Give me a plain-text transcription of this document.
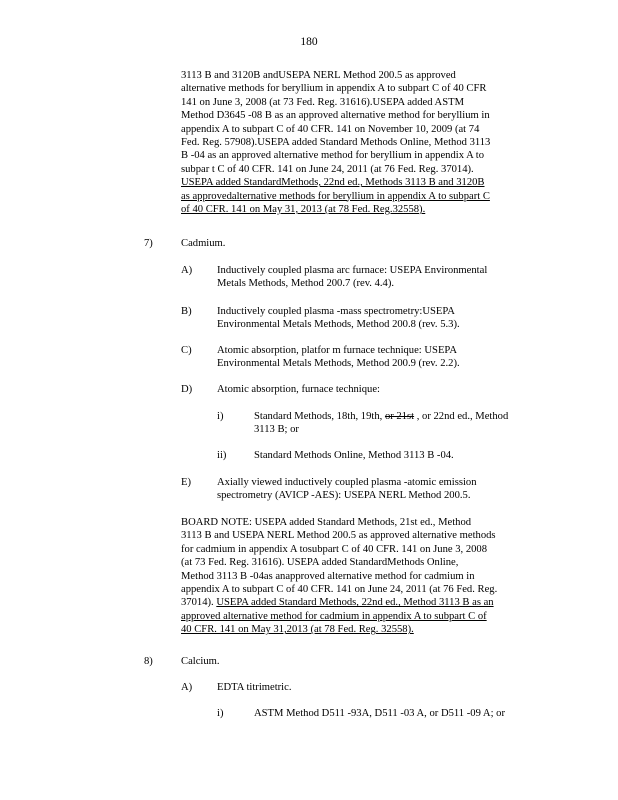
180
3113 B and 3120B andUSEPA NERL Method 200.5 as approved
alternative methods for beryllium in appendix A to subpart C of 40 CFR
141 on June 3, 2008 (at 73 Fed. Reg. 31616).USEPA added ASTM
Method D3645 -08 B as an approved alternative method for beryllium in
appendix A to subpart C of 40 CFR. 141 on November 10, 2009 (at 74
Fed. Reg. 57908).USEPA added Standard Methods Online, Method 3113
B -04 as an approved alternative method for beryllium in appendix A to
subpar t C of 40 CFR. 141 on June 24, 2011 (at 76 Fed. Reg. 37014).
USEPA added StandardMethods, 22nd ed., Methods 3113 B and 3120B
as approvedalternative methods for beryllium in appendix A to subpart C
of 40 CFR. 141 on May 31, 2013 (at 78 Fed. Reg.32558).
7)	Cadmium.
A) Inductively coupled plasma arc furnace: USEPA Environmental
Metals Methods, Method 200.7 (rev. 4.4).
B) Inductively coupled plasma -mass spectrometry:USEPA
Environmental Metals Methods, Method 200.8 (rev. 5.3).
C) Atomic absorption, platfor m furnace technique: USEPA
Environmental Metals Methods, Method 200.9 (rev. 2.2).
D) Atomic absorption, furnace technique:
i)	Standard Methods, 18th, 19th, or 21st , or 22nd ed., Method
3113 B; or
ii)	Standard Methods Online, Method 3113 B -04.
E) Axially viewed inductively coupled plasma -atomic emission
spectrometry (AVICP -AES): USEPA NERL Method 200.5.
BOARD NOTE: USEPA added Standard Methods, 21st ed., Method
3113 B and USEPA NERL Method 200.5 as approved alternative methods
for cadmium in appendix A tosubpart C of 40 CFR. 141 on June 3, 2008
(at 73 Fed. Reg. 31616). USEPA added StandardMethods Online,
Method 3113 B -04as anapproved alternative method for cadmium in
appendix A to subpart C of 40 CFR. 141 on June 24, 2011 (at 76 Fed. Reg.
37014). USEPA added Standard Methods, 22nd ed., Method 3113 B as an
approved alternative method for cadmium in appendix A to subpart C of
40 CFR. 141 on May 31,2013 (at 78 Fed. Reg. 32558).
8)	Calcium.
A) EDTA titrimetric.
i)	ASTM Method D511 -93A, D511 -03 A, or D511 -09 A; or
